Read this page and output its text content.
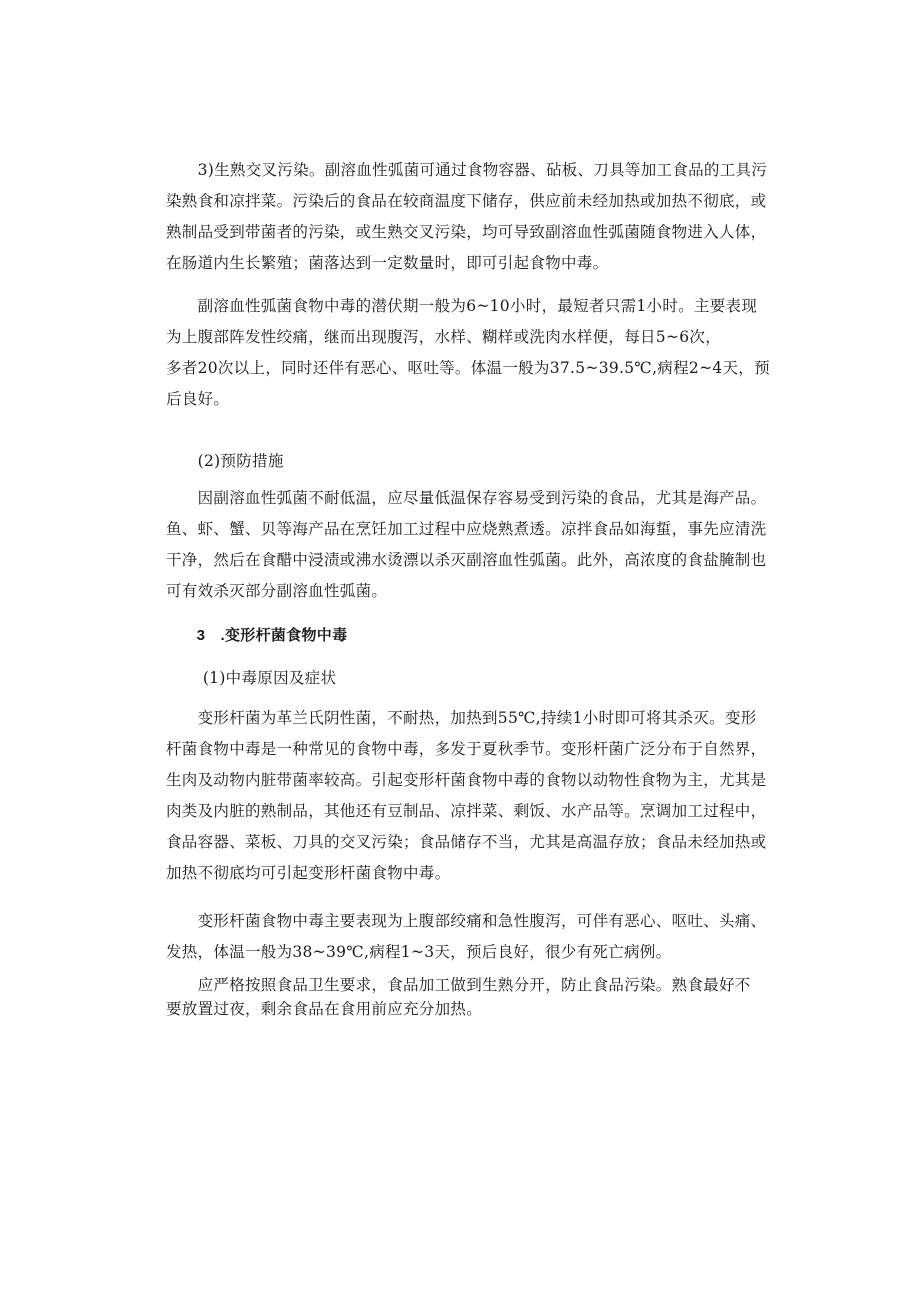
　　3)生熟交叉污染。副溶血性弧菌可通过食物容器、砧板、刀具等加工食品的工具污
染熟食和凉拌菜。污染后的食品在较商温度下储存，供应前未经加热或加热不彻底，或
熟制品受到带菌者的污染，或生熟交叉污染，均可导致副溶血性弧菌随食物进入人体，
在肠道内生长繁殖；菌落达到一定数量时，即可引起食物中毒。
　　副溶血性弧菌食物中毒的潜伏期一般为6~10小时，最短者只需1小时。主要表现
为上腹部阵发性绞痛，继而出现腹泻，水样、糊样或洗肉水样便，每日5~6次，
多者20次以上，同时还伴有恶心、呕吐等。体温一般为37.5~39.5℃,病程2~4天，预
后良好。
　　(2)预防措施
　　因副溶血性弧菌不耐低温，应尽量低温保存容易受到污染的食品，尤其是海产品。
鱼、虾、蟹、贝等海产品在烹饪加工过程中应烧熟煮透。凉拌食品如海蜇，事先应清洗
干净，然后在食醋中浸渍或沸水烫漂以杀灭副溶血性弧菌。此外，高浓度的食盐腌制也
可有效杀灭部分副溶血性弧菌。
　　3　.变形杆菌食物中毒
　　 (1)中毒原因及症状
　　变形杆菌为革兰氏阴性菌，不耐热，加热到55℃,持续1小时即可将其杀灭。变形
杆菌食物中毒是一种常见的食物中毒，多发于夏秋季节。变形杆菌广泛分布于自然界，
生肉及动物内脏带菌率较高。引起变形杆菌食物中毒的食物以动物性食物为主，尤其是
肉类及内脏的熟制品，其他还有豆制品、凉拌菜、剩饭、水产品等。烹调加工过程中，
食品容器、菜板、刀具的交叉污染；食品储存不当，尤其是高温存放；食品未经加热或
加热不彻底均可引起变形杆菌食物中毒。
　　变形杆菌食物中毒主要表现为上腹部绞痛和急性腹泻，可伴有恶心、呕吐、头痛、
发热，体温一般为38~39℃,病程1~3天，预后良好，很少有死亡病例。
　　应严格按照食品卫生要求，食品加工做到生熟分开，防止食品污染。熟食最好不
要放置过夜，剩余食品在食用前应充分加热。
